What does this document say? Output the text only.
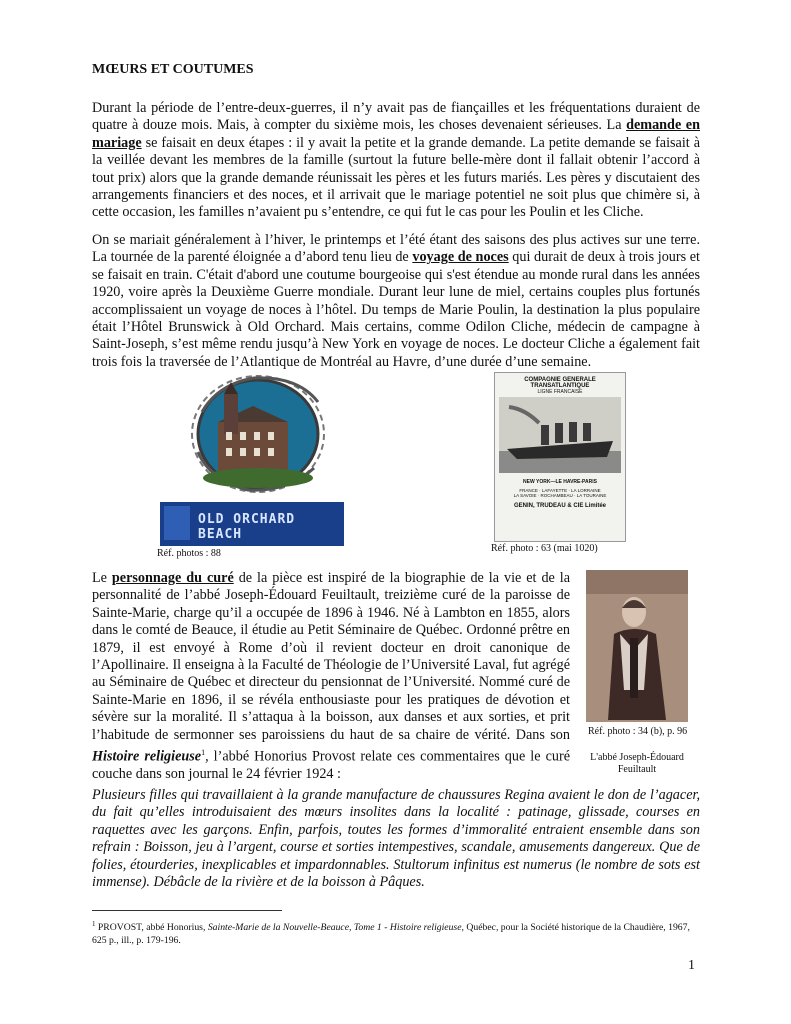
MŒURS ET COUTUMES
Durant la période de l’entre-deux-guerres, il n’y avait pas de fiançailles et les fréquentations duraient de quatre à douze mois. Mais, à compter du sixième mois, les choses devenaient sérieuses. La demande en mariage se faisait en deux étapes : il y avait la petite et la grande demande. La petite demande se faisait à la veillée devant les membres de la famille (surtout la future belle-mère dont il fallait obtenir l’accord à tout prix) alors que la grande demande réunissait les pères et les futurs mariés. Les pères y discutaient des arrangements financiers et des noces, et il arrivait que le mariage potentiel ne soit plus que chimère si, à cette occasion, les familles n’avaient pu s’entendre, ce qui fut le cas pour les Poulin et les Cliche.
On se mariait généralement à l’hiver, le printemps et l’été étant des saisons des plus actives sur une terre. La tournée de la parenté éloignée a d’abord tenu lieu de voyage de noces qui durait de deux à trois jours et se faisait en train. C'était d'abord une coutume bourgeoise qui s'est étendue au monde rural dans les années 1920, voire après la Deuxième Guerre mondiale. Durant leur lune de miel, certains couples plus fortunés accomplissaient un voyage de noces à l’hôtel. Du temps de Marie Poulin, la destination la plus populaire était l’Hôtel Brunswick à Old Orchard. Mais certains, comme Odilon Cliche, médecin de campagne à Saint-Joseph, s’est même rendu jusqu’à New York en voyage de noces. Le docteur Cliche a également fait trois fois la traversée de l’Atlantique de Montréal au Havre, d’une durée d’une semaine.
OLD ORCHARD BEACH
Réf. photos : 88
COMPAGNIE GENERALE TRANSATLANTIQUE
LIGNE FRANCAISE
NEW YORK—LE HAVRE-PARIS
FRANCE · LAFAYETTE · LA LORRAINE
LA SAVOIE · ROCHAMBEAU · LA TOURAINE
GENIN, TRUDEAU & CIE Limitée
Réf. photo : 63 (mai 1020)
Le personnage du curé de la pièce est inspiré de la biographie de la vie et de la personnalité de l’abbé Joseph-Édouard Feuiltault, treizième curé de la paroisse de Sainte-Marie, charge qu’il a occupée de 1896 à 1946. Né à Lambton en 1855, alors dans le comté de Beauce, il étudie au Petit Séminaire de Québec. Ordonné prêtre en 1879, il est envoyé à Rome d’où il revient docteur en droit canonique de l’Apollinaire. Il enseigna à la Faculté de Théologie de l’Université Laval, fut agrégé au Séminaire de Québec et directeur du pensionnat de l’Université. Nommé curé de Sainte-Marie en 1896, il se révéla enthousiaste pour les pratiques de dévotion et sévère sur la moralité. Il s’attaqua à la boisson, aux danses et aux sorties, et prit l’habitude de sermonner ses paroissiens du haut de sa chaire de vérité. Dans son Histoire religieuse$^1$, l’abbé Honorius Provost relate ces commentaires que le curé couche dans son journal le 24 février 1924 :
Réf. photo : 34 (b), p. 96
L'abbé Joseph-Édouard
Feuiltault
Plusieurs filles qui travaillaient à la grande manufacture de chaussures Regina avaient le don de l’agacer, du fait qu’elles introduisaient des mœurs insolites dans la localité : patinage, glissade, courses en raquettes avec les garçons. Enfin, parfois, toutes les formes d’immoralité entraient ensemble dans son refrain : Boisson, jeu à l’argent, course et sorties intempestives, scandale, amusements dangereux. Que de folies, étourderies, inexplicables et impardonnables. Stultorum infinitus est numerus (le nombre de sots est immense). Débâcle de la rivière et de la boisson à Pâques.
$^1$ PROVOST, abbé Honorius, Sainte-Marie de la Nouvelle-Beauce, Tome 1 - Histoire religieuse, Québec, pour la Société historique de la Chaudière, 1967, 625 p., ill., p. 179-196.
1
